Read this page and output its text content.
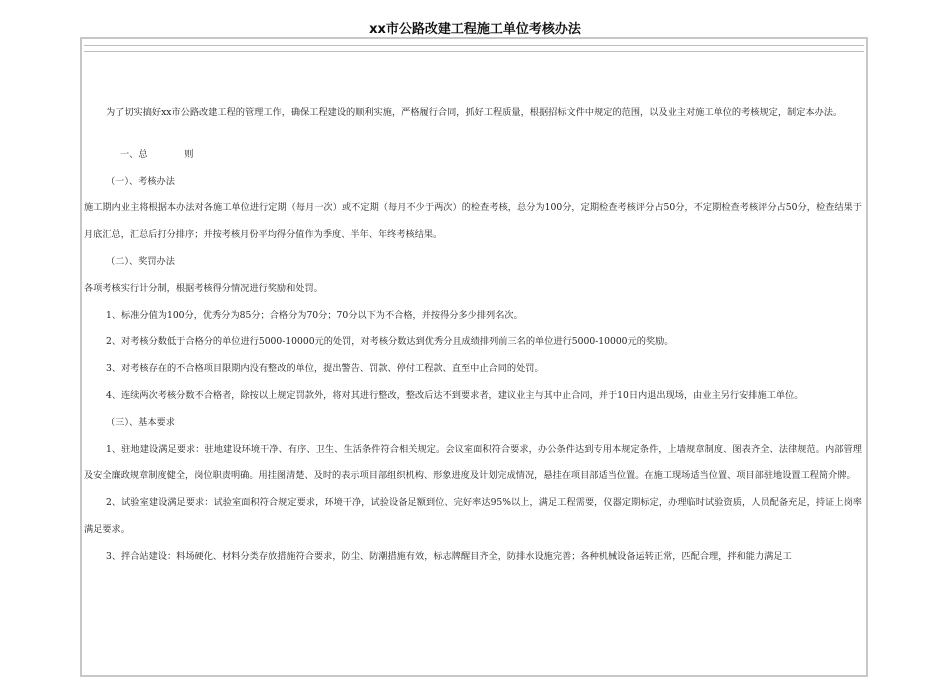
xx市公路改建工程施工单位考核办法

为了切实搞好xx市公路改建工程的管理工作，确保工程建设的顺利实施，严格履行合同，抓好工程质量，根据招标文件中规定的范围，以及业主对施工单位的考核规定，制定本办法。

一、总　　　　则

（一）、考核办法

施工期内业主将根据本办法对各施工单位进行定期（每月一次）或不定期（每月不少于两次）的检查考核，总分为100分，定期检查考核评分占50分，不定期检查考核评分占50分，检查结果于月底汇总，汇总后打分排序；并按考核月份平均得分值作为季度、半年、年终考核结果。

（二）、奖罚办法

各项考核实行计分制，根据考核得分情况进行奖励和处罚。

1、标准分值为100分，优秀分为85分；合格分为70分；70分以下为不合格，并按得分多少排列名次。

2、对考核分数低于合格分的单位进行5000-10000元的处罚，对考核分数达到优秀分且成绩排列前三名的单位进行5000-10000元的奖励。

3、对考核存在的不合格项目限期内没有整改的单位，提出警告、罚款、停付工程款、直至中止合同的处罚。

4、连续两次考核分数不合格者，除按以上规定罚款外，将对其进行整改，整改后达不到要求者，建议业主与其中止合同，并于10日内退出现场，由业主另行安排施工单位。

（三）、基本要求

1、驻地建设满足要求：驻地建设环境干净、有序、卫生、生活条件符合相关规定。会议室面积符合要求，办公条件达到专用本规定条件，上墙规章制度、图表齐全、法律规范。内部管理及安全廉政规章制度健全，岗位职责明确。用挂图清楚、及时的表示项目部组织机构、形象进度及计划完成情况，悬挂在项目部适当位置。在施工现场适当位置、项目部驻地设置工程简介牌。

2、试验室建设满足要求：试验室面积符合规定要求，环境干净，试验设备足额到位、完好率达95%以上，满足工程需要，仪器定期标定，办理临时试验资质，人员配备充足，持证上岗率满足要求。

3、拌合站建设：料场硬化、材料分类存放措施符合要求，防尘、防潮措施有效，标志牌醒目齐全，防排水设施完善；各种机械设备运转正常，匹配合理，拌和能力满足工
